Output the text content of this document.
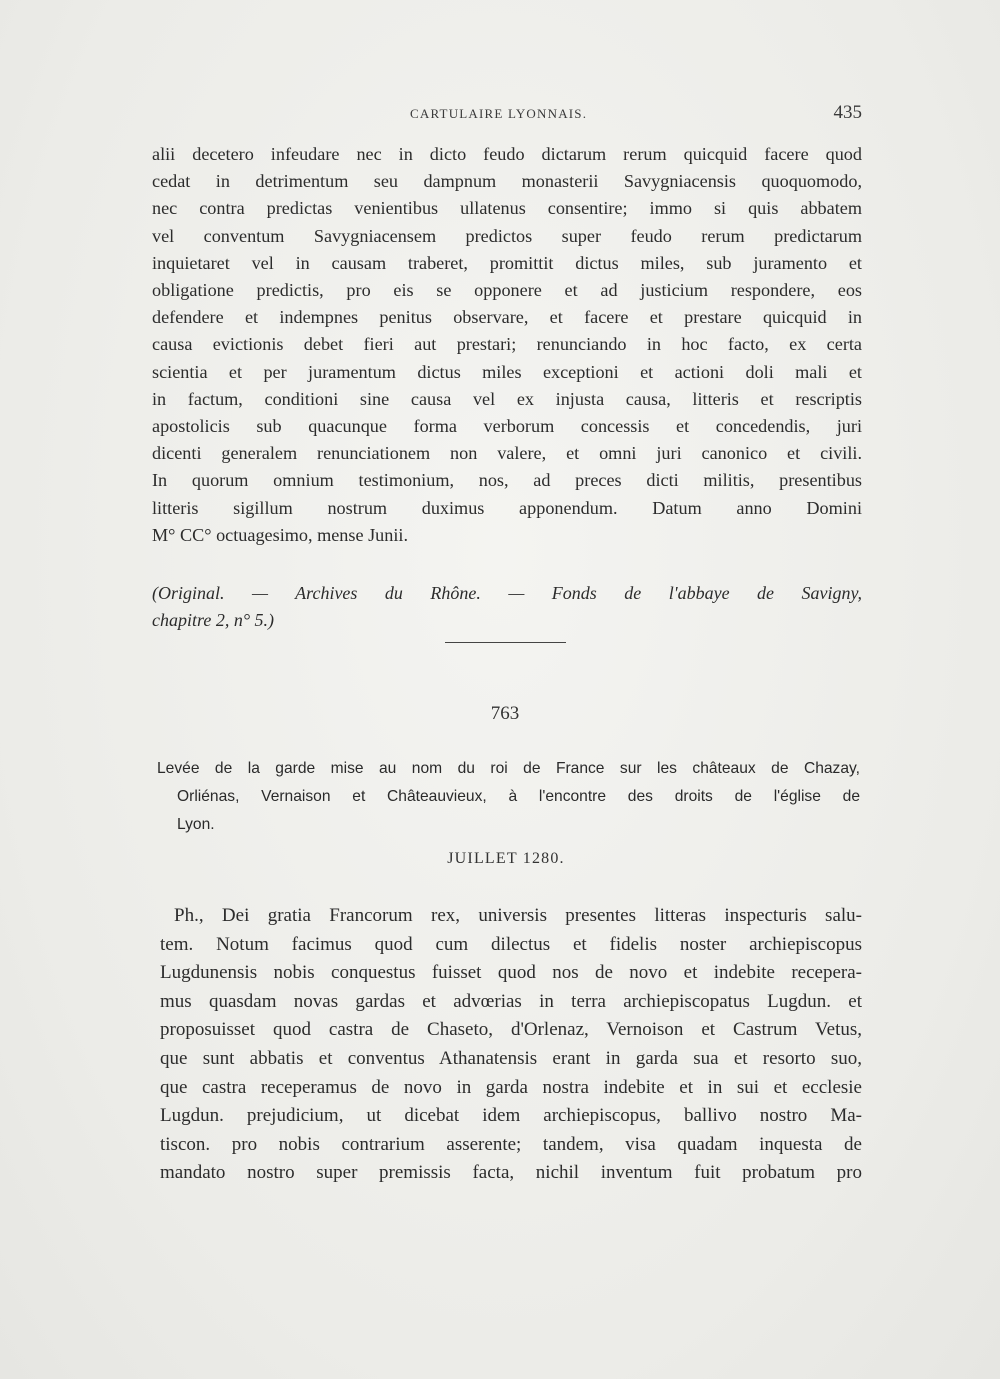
CARTULAIRE LYONNAIS.	435
alii decetero infeudare nec in dicto feudo dictarum rerum quicquid facere quod
cedat in detrimentum seu dampnum monasterii Savygniacensis quoquomodo,
nec contra predictas venientibus ullatenus consentire; immo si quis abbatem
vel conventum Savygniacensem predictos super feudo rerum predictarum
inquietaret vel in causam traberet, promittit dictus miles, sub juramento et
obligatione predictis, pro eis se opponere et ad justicium respondere, eos
defendere et indempnes penitus observare, et facere et prestare quicquid in
causa evictionis debet fieri aut prestari; renunciando in hoc facto, ex certa
scientia et per juramentum dictus miles exceptioni et actioni doli mali et
in factum, conditioni sine causa vel ex injusta causa, litteris et rescriptis
apostolicis sub quacunque forma verborum concessis et concedendis, juri
dicenti generalem renunciationem non valere, et omni juri canonico et civili.
In quorum omnium testimonium, nos, ad preces dicti militis, presentibus
litteris sigillum nostrum duximus apponendum. Datum anno Domini
M° CC° octuagesimo, mense Junii.
(Original. — Archives du Rhône. — Fonds de l'abbaye de Savigny,
chapitre 2, n° 5.)
763
Levée de la garde mise au nom du roi de France sur les châteaux de Chazay,
Orliénas, Vernaison et Châteauvieux, à l'encontre des droits de l'église de
Lyon.
JUILLET 1280.
Ph., Dei gratia Francorum rex, universis presentes litteras inspecturis salu-
tem. Notum facimus quod cum dilectus et fidelis noster archiepiscopus
Lugdunensis nobis conquestus fuisset quod nos de novo et indebite recepera-
mus quasdam novas gardas et advœrias in terra archiepiscopatus Lugdun. et
proposuisset quod castra de Chaseto, d'Orlenaz, Vernoison et Castrum Vetus,
que sunt abbatis et conventus Athanatensis erant in garda sua et resorto suo,
que castra receperamus de novo in garda nostra indebite et in sui et ecclesie
Lugdun. prejudicium, ut dicebat idem archiepiscopus, ballivo nostro Ma-
tiscon. pro nobis contrarium asserente; tandem, visa quadam inquesta de
mandato nostro super premissis facta, nichil inventum fuit probatum pro
